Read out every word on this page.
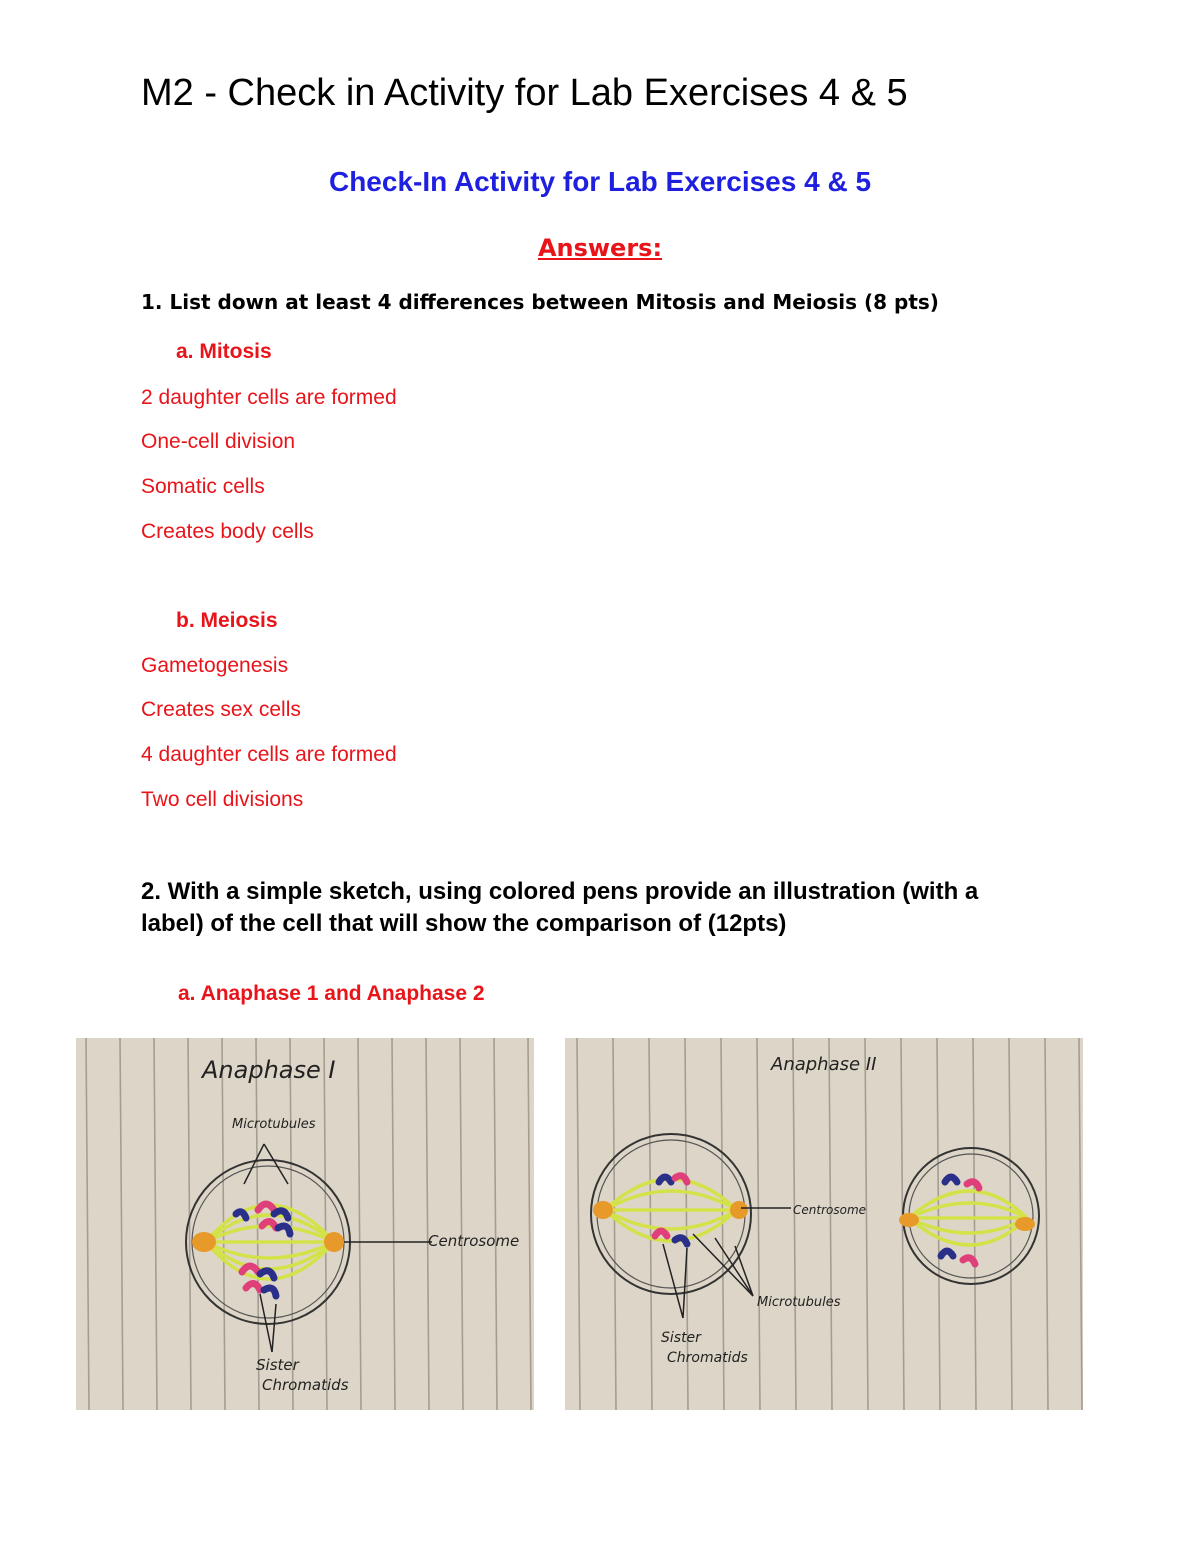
M2 - Check in Activity for Lab Exercises 4 & 5
Check-In Activity for Lab Exercises 4 & 5
Answers:
1. List down at least 4 differences between Mitosis and Meiosis (8 pts)
a. Mitosis
2 daughter cells are formed
One-cell division
Somatic cells
Creates body cells
b. Meiosis
Gametogenesis
Creates sex cells
4 daughter cells are formed
Two cell divisions
2. With a simple sketch, using colored pens provide an illustration (with a label) of the cell that will show the comparison of (12pts)
a. Anaphase 1 and Anaphase 2
Anaphase I
Microtubules
Centrosome
Sister
Chromatids
Anaphase II
Centrosome
Microtubules
Sister
Chromatids
